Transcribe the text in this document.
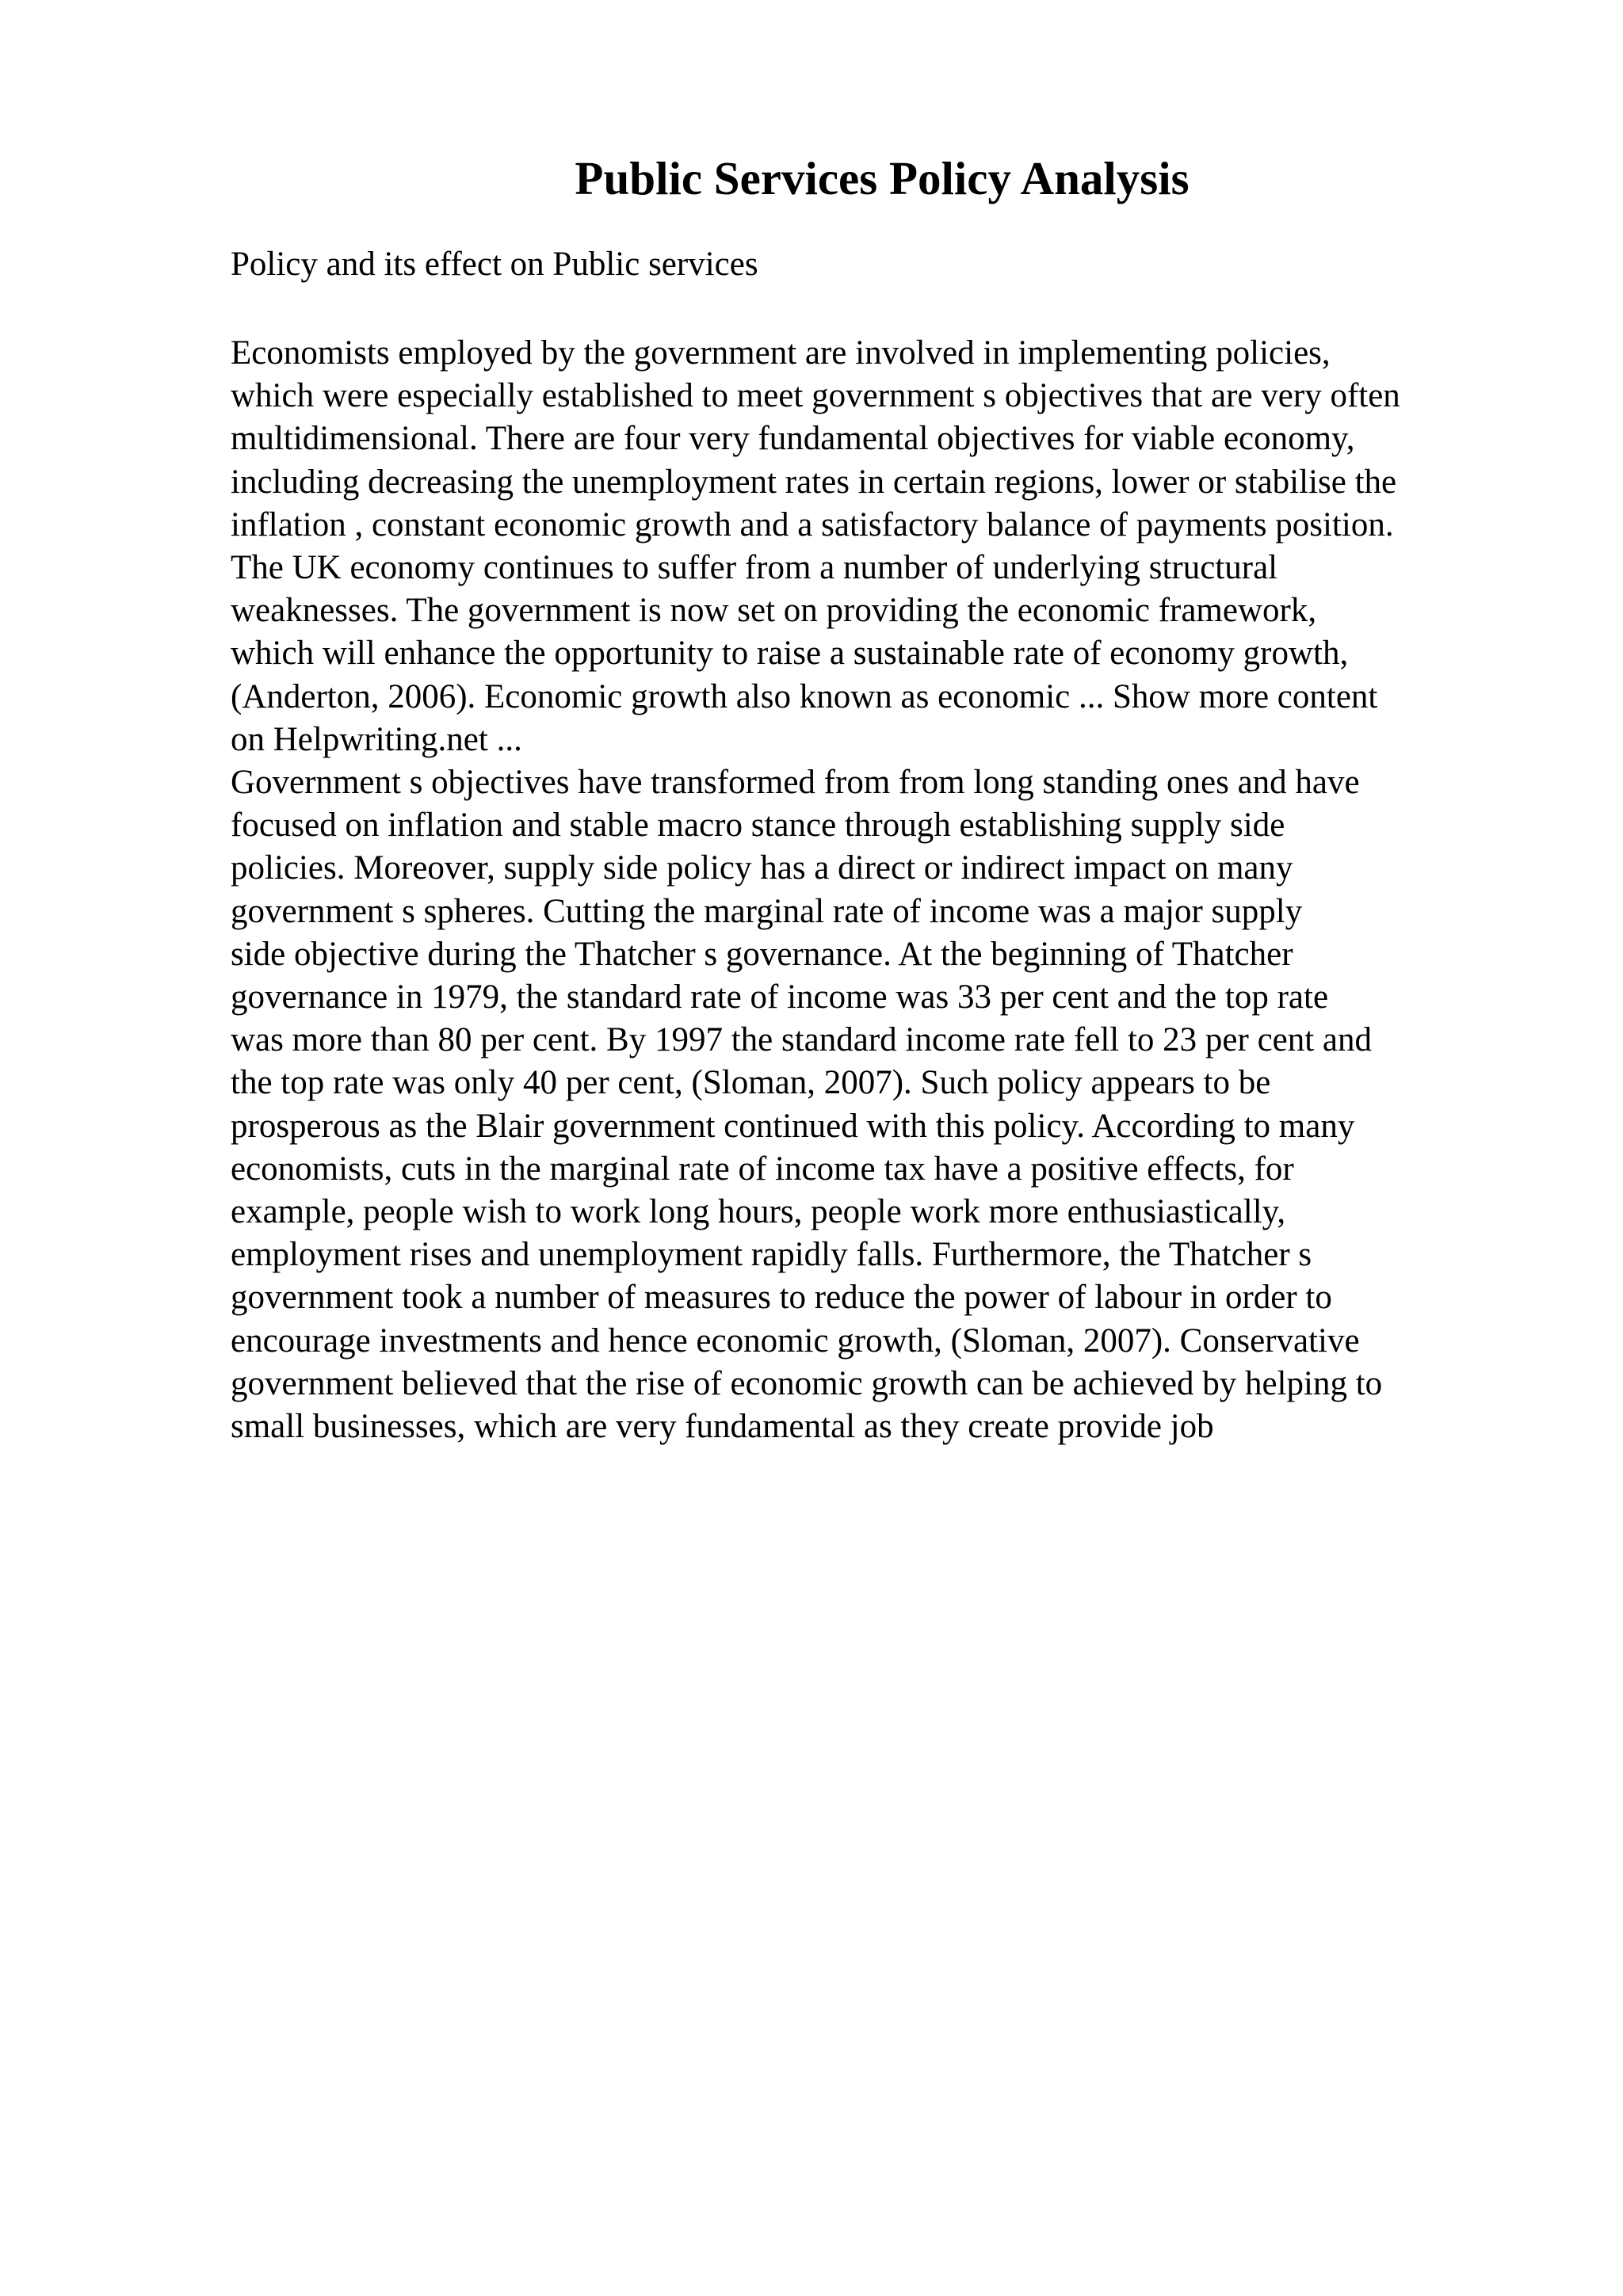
Public Services Policy Analysis

Policy and its effect on Public services

Economists employed by the government are involved in implementing policies,
which were especially established to meet government s objectives that are very often
multidimensional. There are four very fundamental objectives for viable economy,
including decreasing the unemployment rates in certain regions, lower or stabilise the
inflation , constant economic growth and a satisfactory balance of payments position.
The UK economy continues to suffer from a number of underlying structural
weaknesses. The government is now set on providing the economic framework,
which will enhance the opportunity to raise a sustainable rate of economy growth,
(Anderton, 2006). Economic growth also known as economic ... Show more content
on Helpwriting.net ...
Government s objectives have transformed from from long standing ones and have
focused on inflation and stable macro stance through establishing supply side
policies. Moreover, supply side policy has a direct or indirect impact on many
government s spheres. Cutting the marginal rate of income was a major supply
side objective during the Thatcher s governance. At the beginning of Thatcher
governance in 1979, the standard rate of income was 33 per cent and the top rate
was more than 80 per cent. By 1997 the standard income rate fell to 23 per cent and
the top rate was only 40 per cent, (Sloman, 2007). Such policy appears to be
prosperous as the Blair government continued with this policy. According to many
economists, cuts in the marginal rate of income tax have a positive effects, for
example, people wish to work long hours, people work more enthusiastically,
employment rises and unemployment rapidly falls. Furthermore, the Thatcher s
government took a number of measures to reduce the power of labour in order to
encourage investments and hence economic growth, (Sloman, 2007). Conservative
government believed that the rise of economic growth can be achieved by helping to
small businesses, which are very fundamental as they create provide job
